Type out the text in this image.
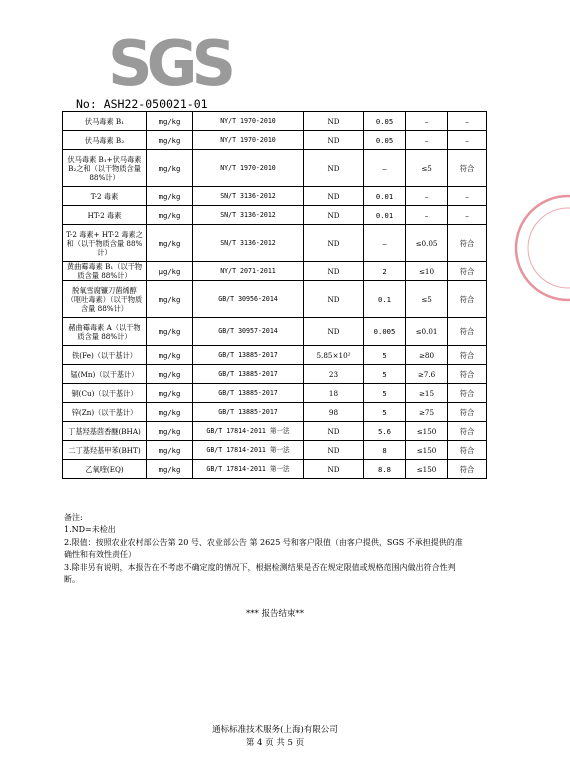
SGS
No: ASH22-050021-01
伏马毒素 B₁	mg/kg	NY/T 1970-2010	ND	0.05	–	–
伏马毒素 B₂	mg/kg	NY/T 1970-2010	ND	0.05	–	–
伏马毒素 B₁+伏马毒素 B₂之和（以干物质含量 88%计）	mg/kg	NY/T 1970-2010	ND	–	≤5	符合
T-2 毒素	mg/kg	SN/T 3136-2012	ND	0.01	–	–
HT-2 毒素	mg/kg	SN/T 3136-2012	ND	0.01	–	–
T-2 毒素+ HT-2 毒素之和（以干物质含量 88%计）	mg/kg	SN/T 3136-2012	ND	–	≤0.05	符合
黄曲霉毒素 B₁（以干物质含量 88%计）	μg/kg	NY/T 2071-2011	ND	2	≤10	符合
脱氧雪腐镰刀菌烯醇（呕吐毒素）（以干物质含量 88%计）	mg/kg	GB/T 30956-2014	ND	0.1	≤5	符合
赭曲霉毒素 A（以干物质含量 88%计）	mg/kg	GB/T 30957-2014	ND	0.005	≤0.01	符合
铁(Fe)（以干基计）	mg/kg	GB/T 13885-2017	5.85×10²	5	≥80	符合
锰(Mn)（以干基计）	mg/kg	GB/T 13885-2017	23	5	≥7.6	符合
铜(Cu)（以干基计）	mg/kg	GB/T 13885-2017	18	5	≥15	符合
锌(Zn)（以干基计）	mg/kg	GB/T 13885-2017	98	5	≥75	符合
丁基羟基茴香醚(BHA)	mg/kg	GB/T 17814-2011 第一法	ND	5.6	≤150	符合
二丁基羟基甲苯(BHT)	mg/kg	GB/T 17814-2011 第一法	ND	8	≤150	符合
乙氧喹(EQ)	mg/kg	GB/T 17814-2011 第一法	ND	8.8	≤150	符合
备注:
1.ND=未检出
2.限值：按照农业农村部公告第 20 号、农业部公告 第 2625 号和客户限值（由客户提供，SGS 不承担提供的准确性和有效性责任）
3.除非另有说明，本报告在不考虑不确定度的情况下，根据检测结果是否在规定限值或规格范围内做出符合性判断。
*** 报告结束**
通标标准技术服务(上海)有限公司
第 4 页 共 5 页
